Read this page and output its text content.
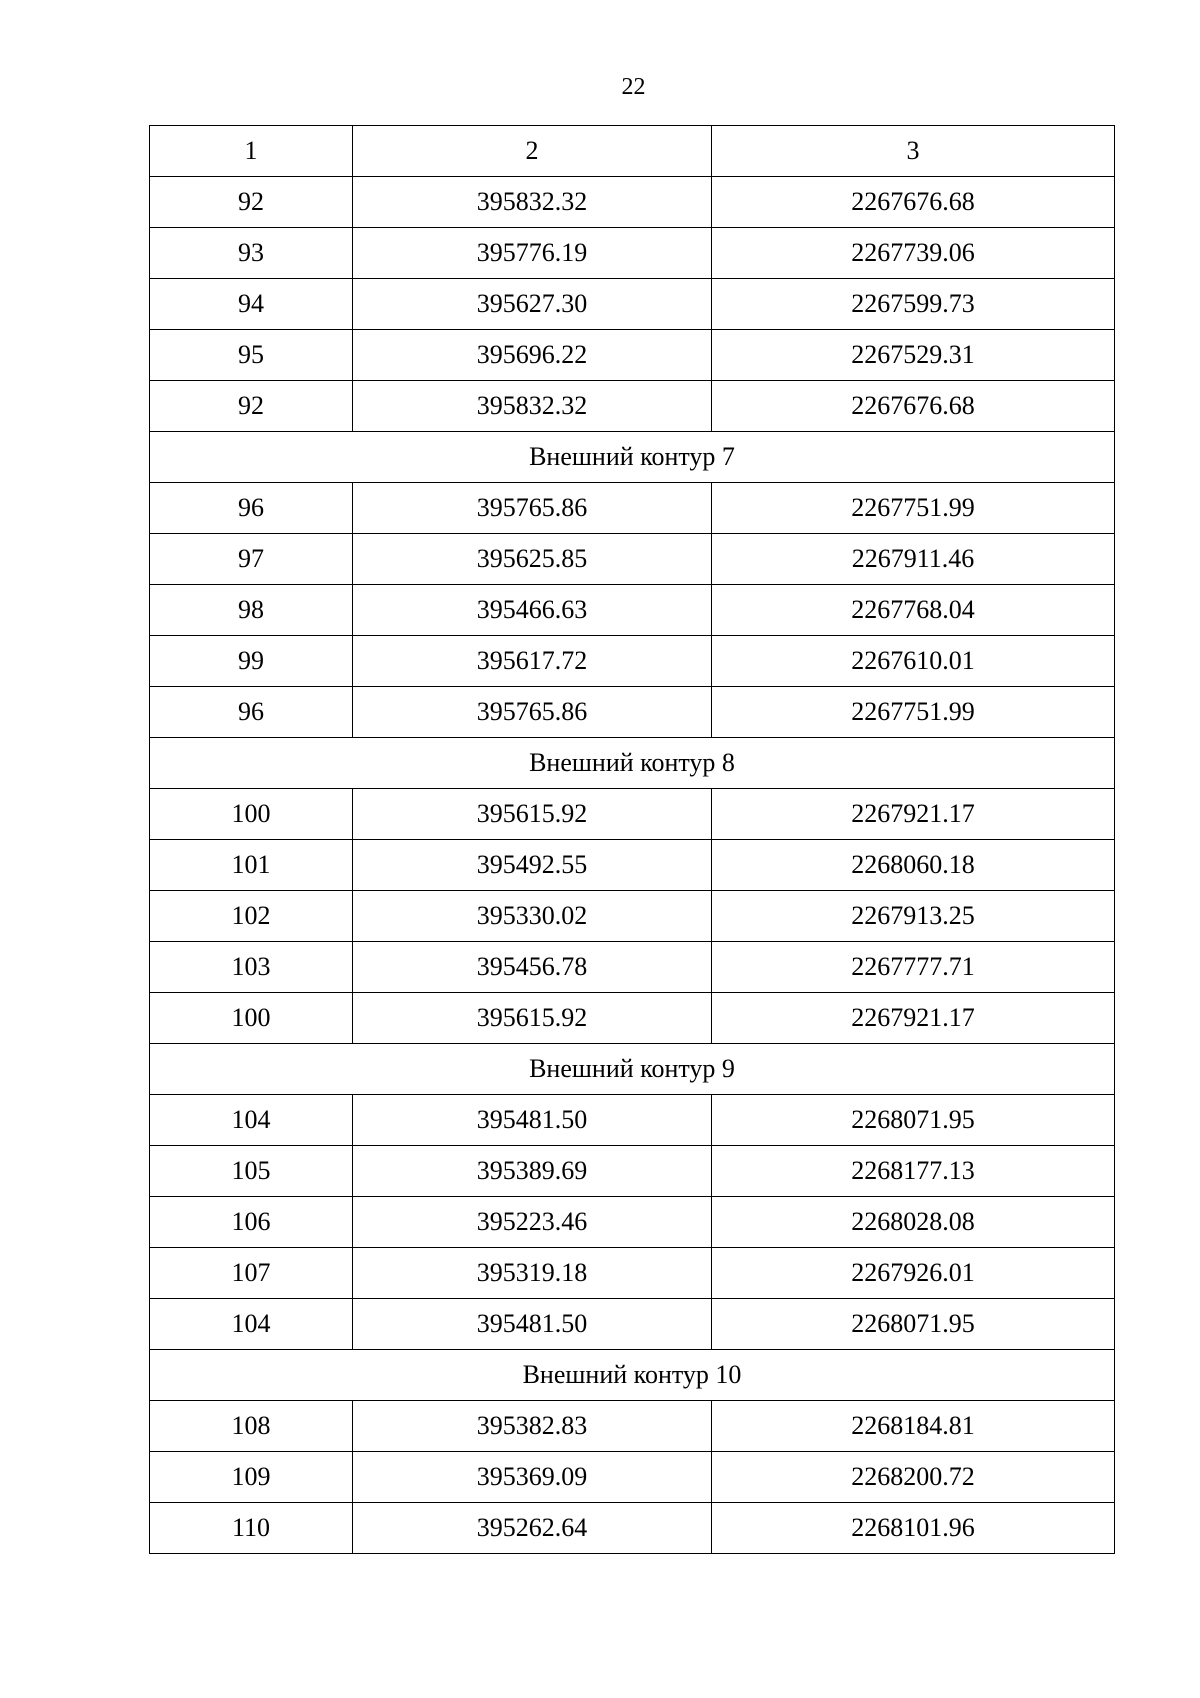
22
1	2	3
92	395832.32	2267676.68
93	395776.19	2267739.06
94	395627.30	2267599.73
95	395696.22	2267529.31
92	395832.32	2267676.68
Внешний контур 7		
96	395765.86	2267751.99
97	395625.85	2267911.46
98	395466.63	2267768.04
99	395617.72	2267610.01
96	395765.86	2267751.99
Внешний контур 8		
100	395615.92	2267921.17
101	395492.55	2268060.18
102	395330.02	2267913.25
103	395456.78	2267777.71
100	395615.92	2267921.17
Внешний контур 9		
104	395481.50	2268071.95
105	395389.69	2268177.13
106	395223.46	2268028.08
107	395319.18	2267926.01
104	395481.50	2268071.95
Внешний контур 10		
108	395382.83	2268184.81
109	395369.09	2268200.72
110	395262.64	2268101.96
